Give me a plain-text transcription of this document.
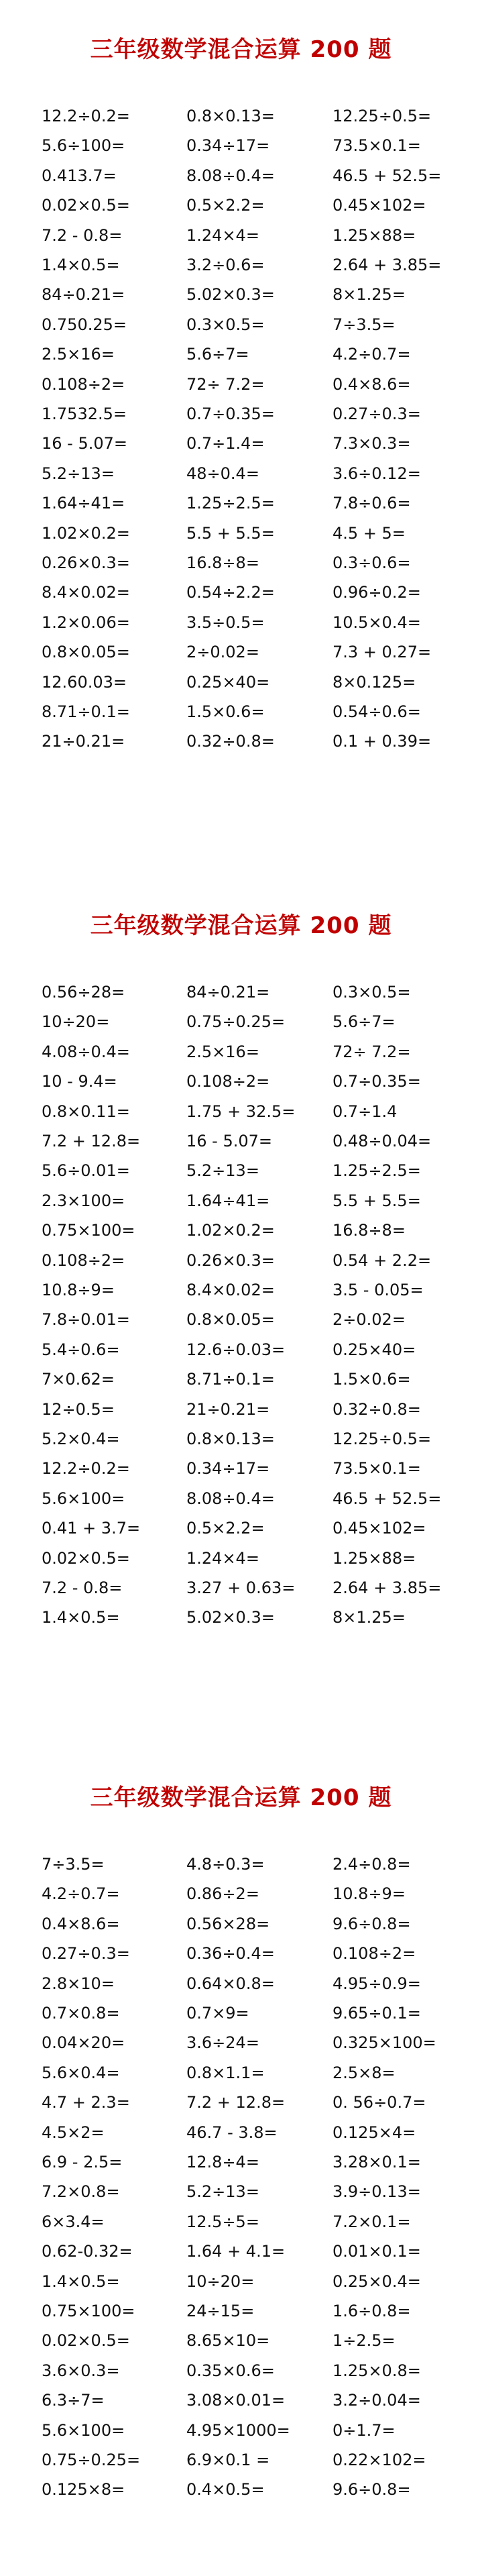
三年级数学混合运算 200 题
12.2÷0.2=
5.6÷100=
0.413.7=
0.02×0.5=
7.2 - 0.8=
1.4×0.5=
84÷0.21=
0.750.25=
2.5×16=
0.108÷2=
1.7532.5=
16 - 5.07=
5.2÷13=
1.64÷41=
1.02×0.2=
0.26×0.3=
8.4×0.02=
1.2×0.06=
0.8×0.05=
12.60.03=
8.71÷0.1=
21÷0.21=
0.8×0.13=
0.34÷17=
8.08÷0.4=
0.5×2.2=
1.24×4=
3.2÷0.6=
5.02×0.3=
0.3×0.5=
5.6÷7=
72÷ 7.2=
0.7÷0.35=
0.7÷1.4=
48÷0.4=
1.25÷2.5=
5.5 + 5.5=
16.8÷8=
0.54÷2.2=
3.5÷0.5=
2÷0.02=
0.25×40=
1.5×0.6=
0.32÷0.8=
12.25÷0.5=
73.5×0.1=
46.5 + 52.5=
0.45×102=
1.25×88=
2.64 + 3.85=
8×1.25=
7÷3.5=
4.2÷0.7=
0.4×8.6=
0.27÷0.3=
7.3×0.3=
3.6÷0.12=
7.8÷0.6=
4.5 + 5=
0.3÷0.6=
0.96÷0.2=
10.5×0.4=
7.3 + 0.27=
8×0.125=
0.54÷0.6=
0.1 + 0.39=
三年级数学混合运算 200 题
0.56÷28=
10÷20=
4.08÷0.4=
10 - 9.4=
0.8×0.11=
7.2 + 12.8=
5.6÷0.01=
2.3×100=
0.75×100=
0.108÷2=
10.8÷9=
7.8÷0.01=
5.4÷0.6=
7×0.62=
12÷0.5=
5.2×0.4=
12.2÷0.2=
5.6×100=
0.41 + 3.7=
0.02×0.5=
7.2 - 0.8=
1.4×0.5=
84÷0.21=
0.75÷0.25=
2.5×16=
0.108÷2=
1.75 + 32.5=
16 - 5.07=
5.2÷13=
1.64÷41=
1.02×0.2=
0.26×0.3=
8.4×0.02=
0.8×0.05=
12.6÷0.03=
8.71÷0.1=
21÷0.21=
0.8×0.13=
0.34÷17=
8.08÷0.4=
0.5×2.2=
1.24×4=
3.27 + 0.63=
5.02×0.3=
0.3×0.5=
5.6÷7=
72÷ 7.2=
0.7÷0.35=
0.7÷1.4
0.48÷0.04=
1.25÷2.5=
5.5 + 5.5=
16.8÷8=
0.54 + 2.2=
3.5 - 0.05=
2÷0.02=
0.25×40=
1.5×0.6=
0.32÷0.8=
12.25÷0.5=
73.5×0.1=
46.5 + 52.5=
0.45×102=
1.25×88=
2.64 + 3.85=
8×1.25=
三年级数学混合运算 200 题
7÷3.5=
4.2÷0.7=
0.4×8.6=
0.27÷0.3=
2.8×10=
0.7×0.8=
0.04×20=
5.6×0.4=
4.7 + 2.3=
4.5×2=
6.9 - 2.5=
7.2×0.8=
6×3.4=
0.62-0.32=
1.4×0.5=
0.75×100=
0.02×0.5=
3.6×0.3=
6.3÷7=
5.6×100=
0.75÷0.25=
0.125×8=
4.8÷0.3=
0.86÷2=
0.56×28=
0.36÷0.4=
0.64×0.8=
0.7×9=
3.6÷24=
0.8×1.1=
7.2 + 12.8=
46.7 - 3.8=
12.8÷4=
5.2÷13=
12.5÷5=
1.64 + 4.1=
10÷20=
24÷15=
8.65×10=
0.35×0.6=
3.08×0.01=
4.95×1000=
6.9×0.1 =
0.4×0.5=
2.4÷0.8=
10.8÷9=
9.6÷0.8=
0.108÷2=
4.95÷0.9=
9.65÷0.1=
0.325×100=
2.5×8=
0. 56÷0.7=
0.125×4=
3.28×0.1=
3.9÷0.13=
7.2×0.1=
0.01×0.1=
0.25×0.4=
1.6÷0.8=
1÷2.5=
1.25×0.8=
3.2÷0.04=
0÷1.7=
0.22×102=
9.6÷0.8=
